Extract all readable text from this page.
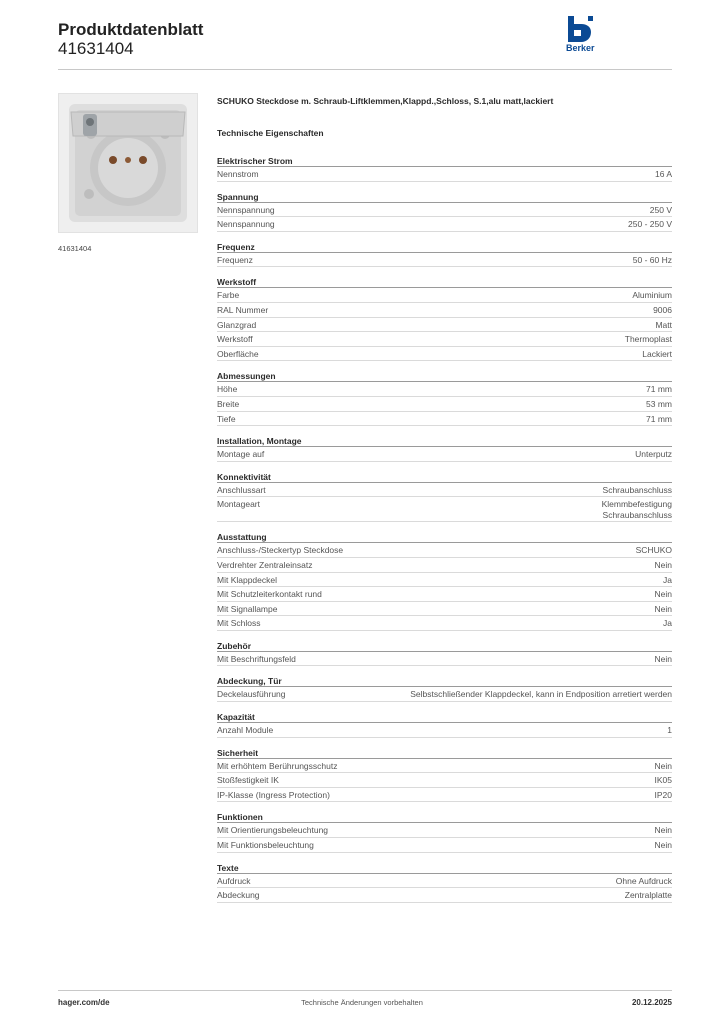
Produktdatenblatt
41631404	Berker
41631404
SCHUKO Steckdose m. Schraub-Liftklemmen,Klappd.,Schloss, S.1,alu matt,lackiert
Technische Eigenschaften
Elektrischer Strom
Nennstrom	16 A
Spannung
Nennspannung	250 V
Nennspannung	250 - 250 V
Frequenz
Frequenz	50 - 60 Hz
Werkstoff
Farbe	Aluminium
RAL Nummer	9006
Glanzgrad	Matt
Werkstoff	Thermoplast
Oberfläche	Lackiert
Abmessungen
Höhe	71 mm
Breite	53 mm
Tiefe	71 mm
Installation, Montage
Montage auf	Unterputz
Konnektivität
Anschlussart	Schraubanschluss
Montageart	Klemmbefestigung
Schraubanschluss
Ausstattung
Anschluss-/Steckertyp Steckdose	SCHUKO
Verdrehter Zentraleinsatz	Nein
Mit Klappdeckel	Ja
Mit Schutzleiterkontakt rund	Nein
Mit Signallampe	Nein
Mit Schloss	Ja
Zubehör
Mit Beschriftungsfeld	Nein
Abdeckung, Tür
Deckelausführung	Selbstschließender Klappdeckel, kann in Endposition arretiert werden
Kapazität
Anzahl Module	1
Sicherheit
Mit erhöhtem Berührungsschutz	Nein
Stoßfestigkeit IK	IK05
IP-Klasse (Ingress Protection)	IP20
Funktionen
Mit Orientierungsbeleuchtung	Nein
Mit Funktionsbeleuchtung	Nein
Texte
Aufdruck	Ohne Aufdruck
Abdeckung	Zentralplatte
hager.com/de	Technische Änderungen vorbehalten	20.12.2025
